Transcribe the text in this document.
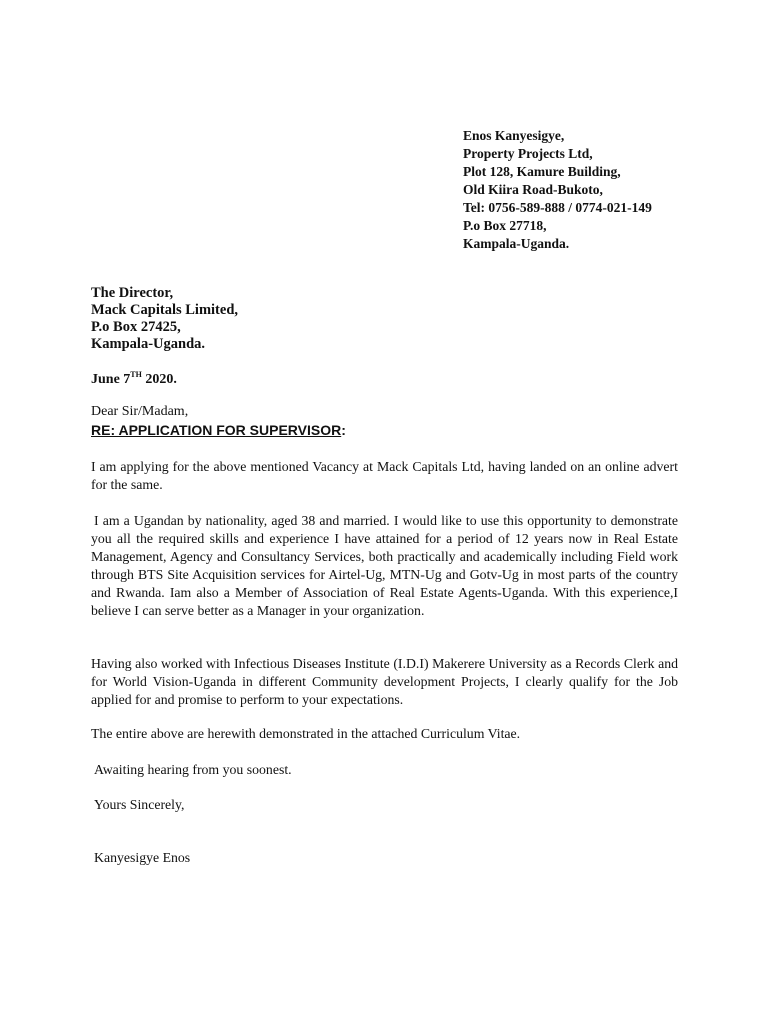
Enos Kanyesigye,
Property Projects Ltd,
Plot 128, Kamure Building,
Old Kiira Road-Bukoto,
Tel: 0756-589-888 / 0774-021-149
P.o Box 27718,
Kampala-Uganda.
The Director,
Mack Capitals Limited,
P.o Box 27425,
Kampala-Uganda.
June 7TH 2020.
Dear Sir/Madam,
RE: APPLICATION FOR SUPERVISOR:
I am applying for the above mentioned Vacancy at Mack Capitals Ltd, having landed on an online advert for the same.
I am a Ugandan by nationality, aged 38 and married. I would like to use this opportunity to demonstrate you all the required skills and experience I have attained for a period of 12 years now in Real Estate Management, Agency and Consultancy Services, both practically and academically including Field work through BTS Site Acquisition services for Airtel-Ug, MTN-Ug and Gotv-Ug in most parts of the country and Rwanda. Iam also a Member of Association of Real Estate Agents-Uganda. With this experience,I believe I can serve better as a Manager in your organization.
Having also worked with Infectious Diseases Institute (I.D.I) Makerere University as a Records Clerk and for World Vision-Uganda in different Community development Projects, I clearly qualify for the Job applied for and promise to perform to your expectations.
The entire above are herewith demonstrated in the attached Curriculum Vitae.
Awaiting hearing from you soonest.
Yours Sincerely,
Kanyesigye Enos
